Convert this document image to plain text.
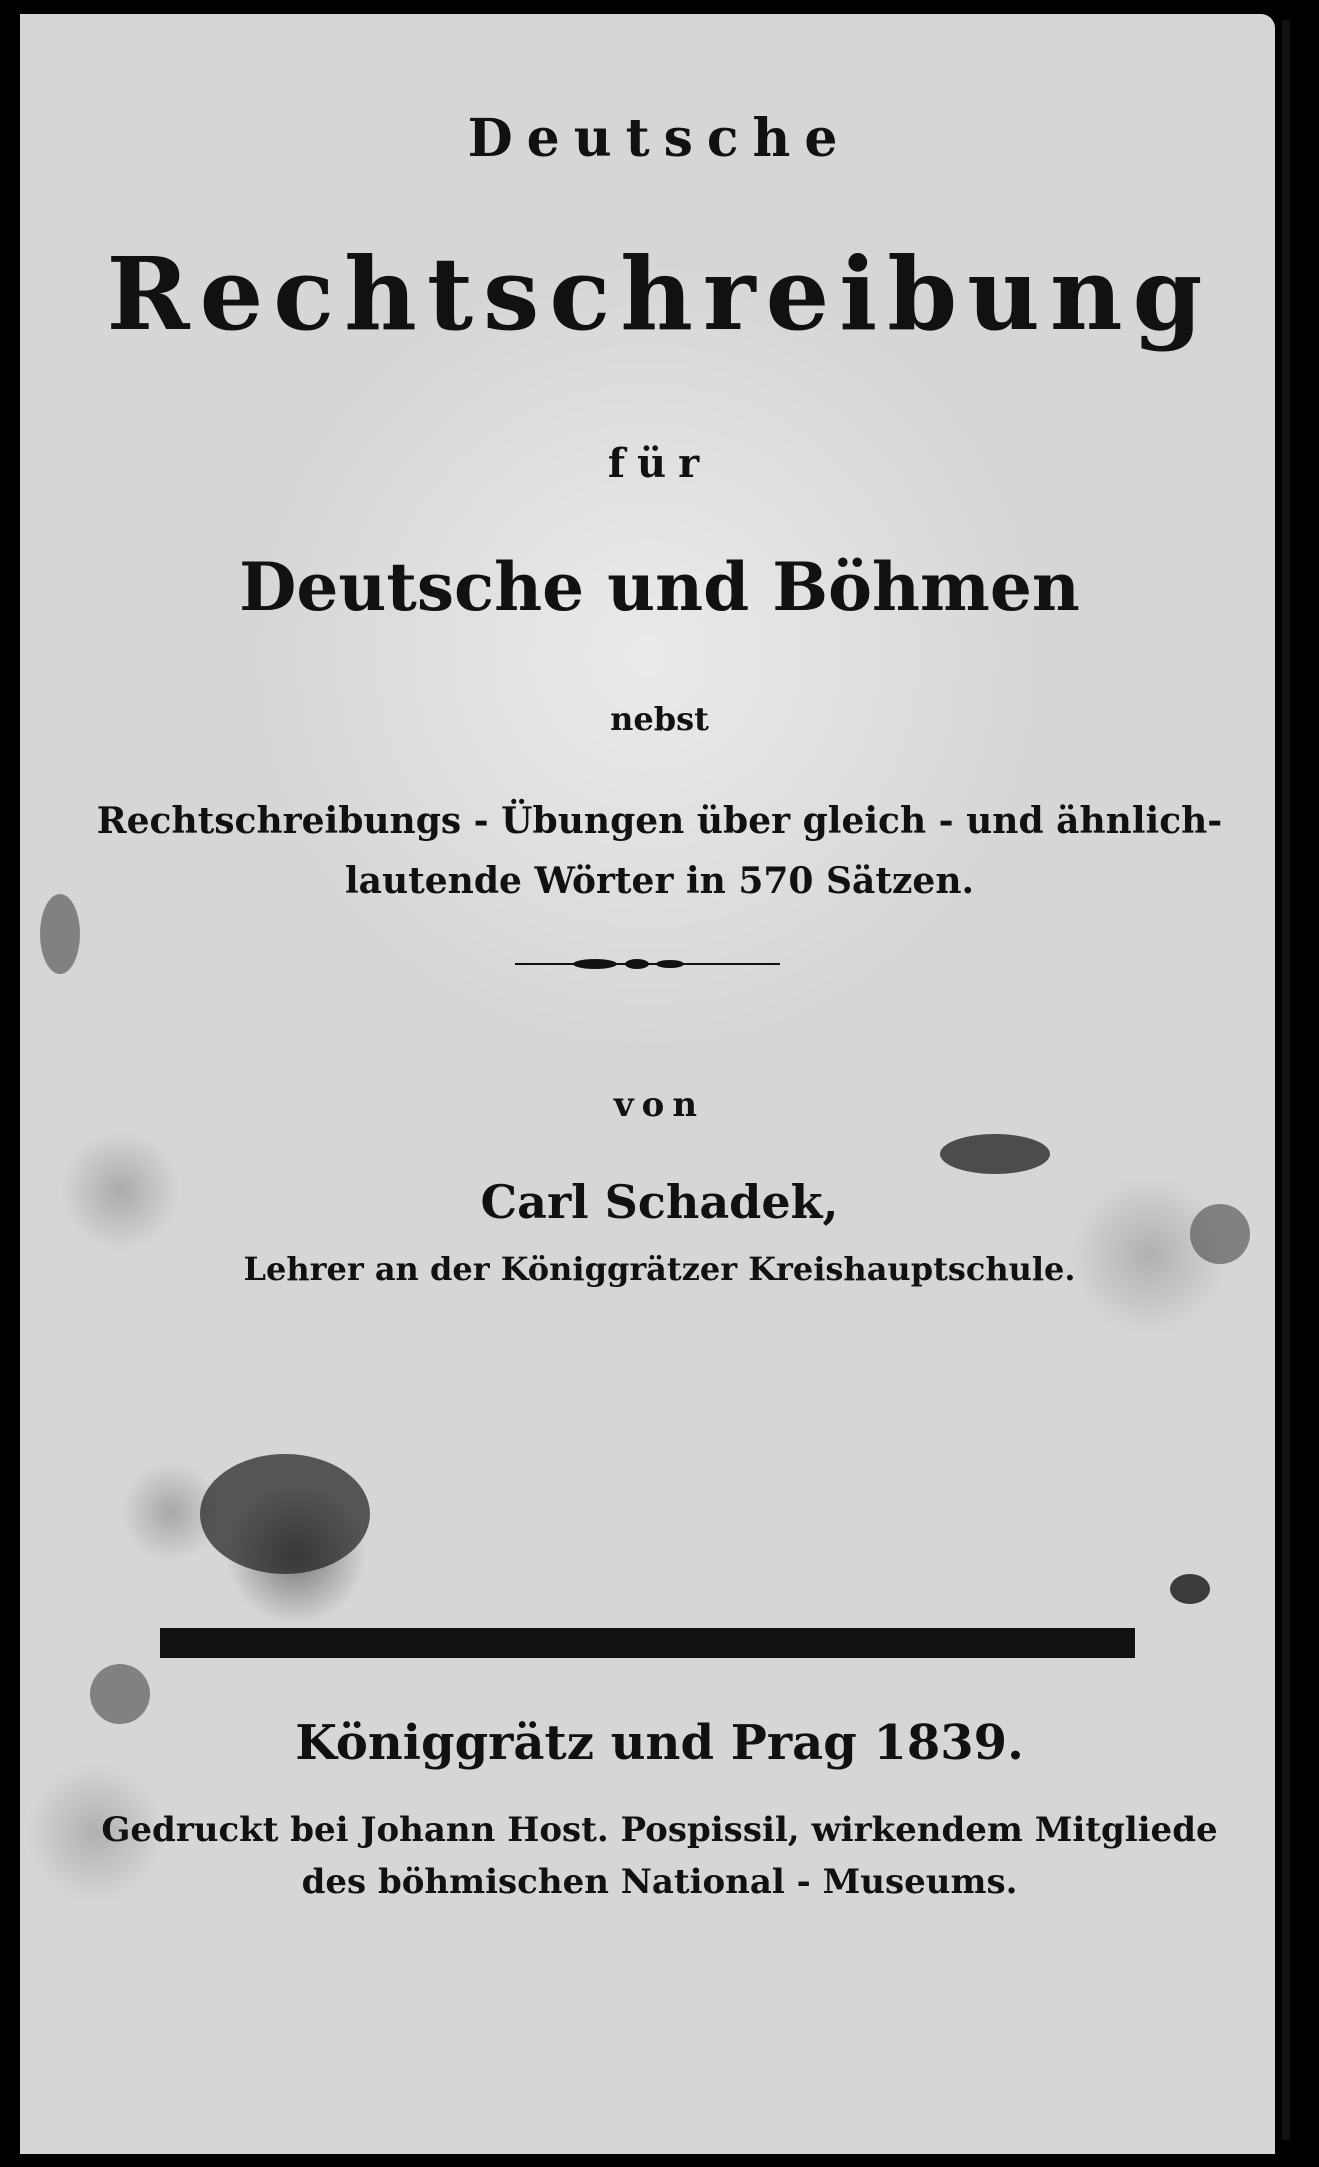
Deutsche
Rechtschreibung
für
Deutsche und Böhmen
nebst
Rechtschreibungs - Übungen über gleich - und ähnlich-
lautende Wörter in 570 Sätzen.
von
Carl Schadek,
Lehrer an der Königgrätzer Kreishauptschule.
Königgrätz und Prag 1839.
Gedruckt bei Johann Host. Pospissil, wirkendem Mitgliede
des böhmischen National - Museums.
